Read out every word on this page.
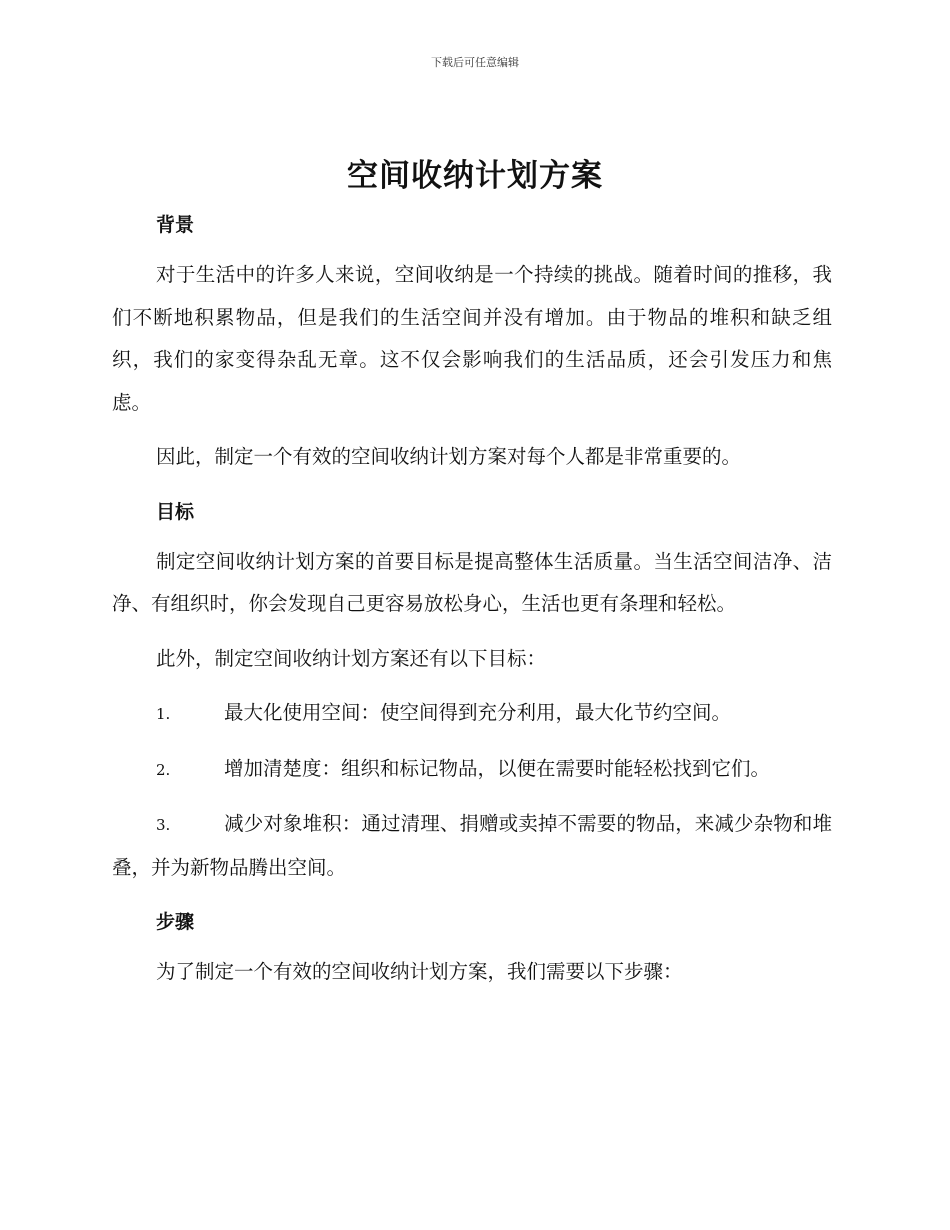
下载后可任意编辑
空间收纳计划方案

背景

对于生活中的许多人来说，空间收纳是一个持续的挑战。随着时间的推移，我们不断地积累物品，但是我们的生活空间并没有增加。由于物品的堆积和缺乏组织，我们的家变得杂乱无章。这不仅会影响我们的生活品质，还会引发压力和焦虑。

因此，制定一个有效的空间收纳计划方案对每个人都是非常重要的。

目标

制定空间收纳计划方案的首要目标是提高整体生活质量。当生活空间洁净、洁净、有组织时，你会发现自己更容易放松身心，生活也更有条理和轻松。

此外，制定空间收纳计划方案还有以下目标：

1.	最大化使用空间：使空间得到充分利用，最大化节约空间。

2.	增加清楚度：组织和标记物品，以便在需要时能轻松找到它们。

3.	减少对象堆积：通过清理、捐赠或卖掉不需要的物品，来减少杂物和堆叠，并为新物品腾出空间。

步骤

为了制定一个有效的空间收纳计划方案，我们需要以下步骤：
